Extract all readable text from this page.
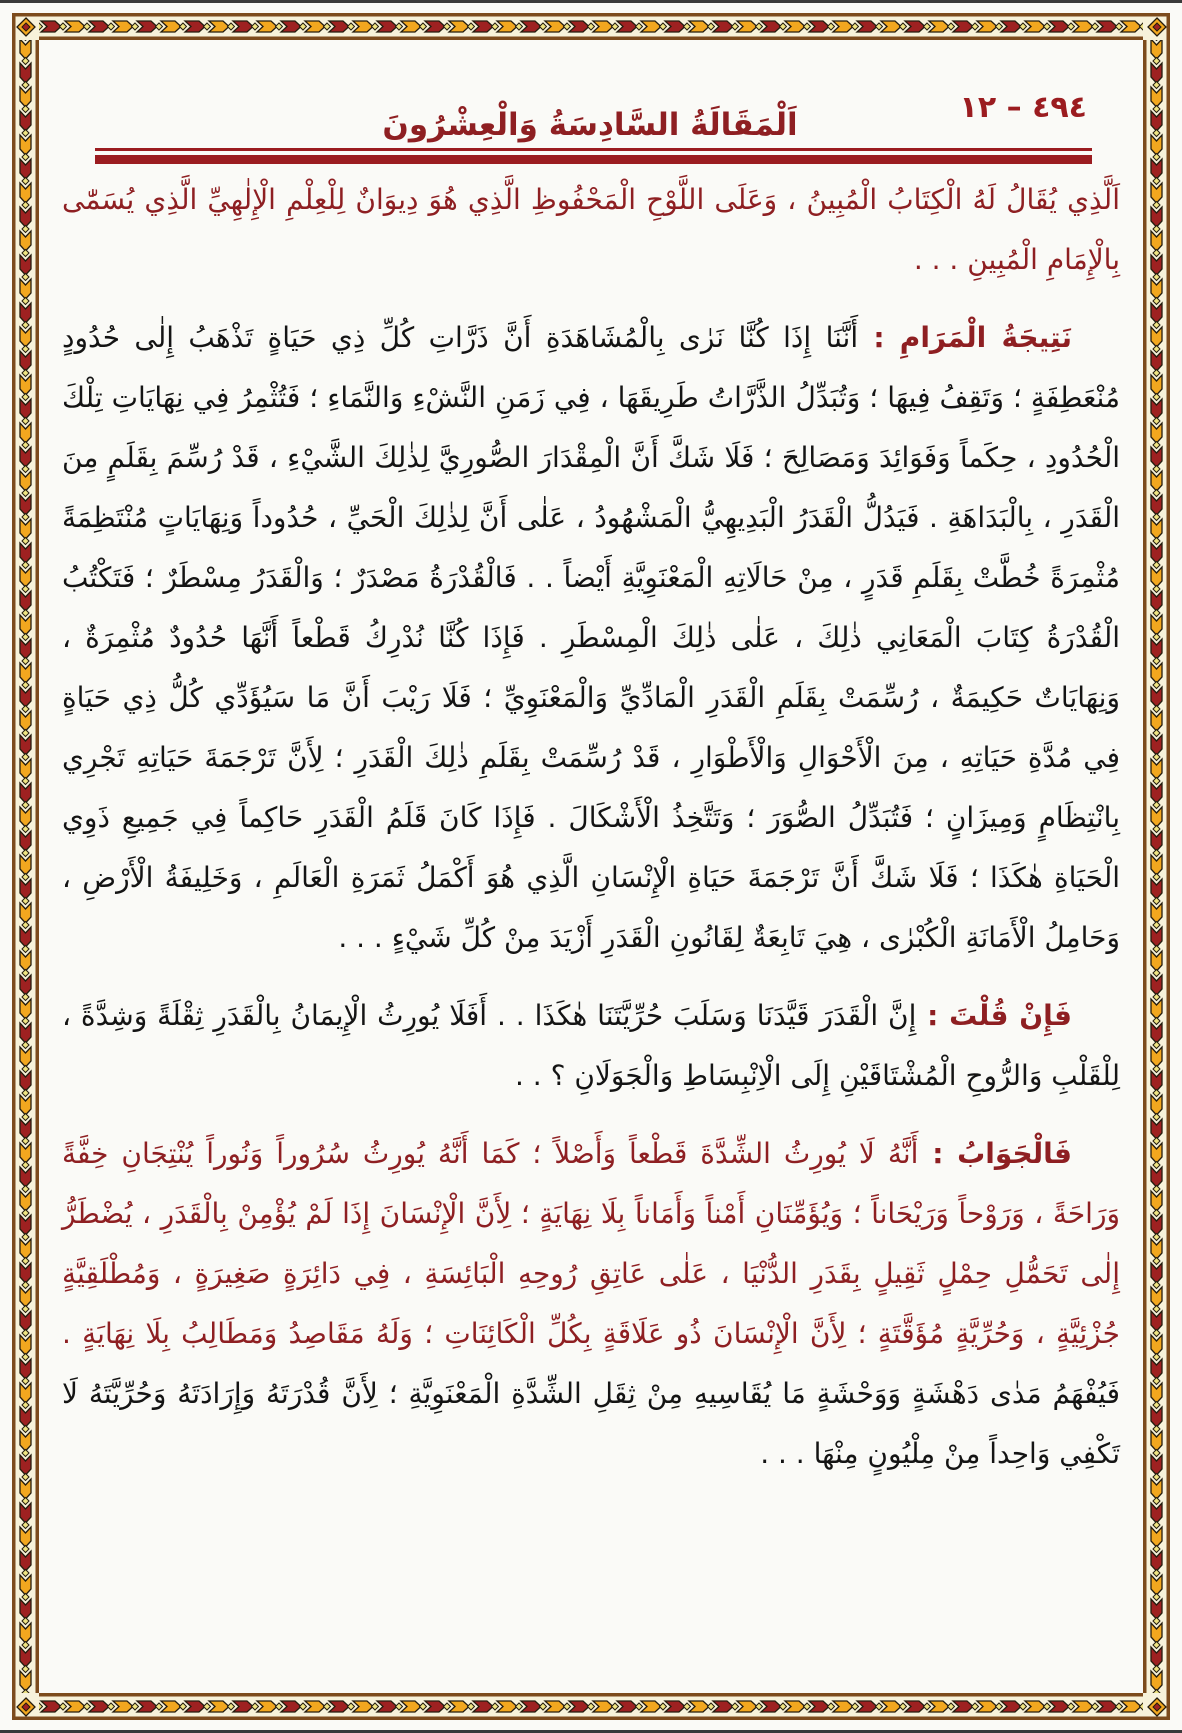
٤٩٤ – ١٢
اَلْمَقَالَةُ السَّادِسَةُ وَالْعِشْرُونَ

اَلَّذِي يُقَالُ لَهُ الْكِتَابُ الْمُبِينُ ، وَعَلَى اللَّوْحِ الْمَحْفُوظِ الَّذِي هُوَ دِيوَانٌ لِلْعِلْمِ الْإِلٰهِيِّ الَّذِي يُسَمّٰى بِالْإِمَامِ الْمُبِينِ . . .

نَتِيجَةُ الْمَرَامِ : أَنَّنَا إِذَا كُنَّا نَرٰى بِالْمُشَاهَدَةِ أَنَّ ذَرَّاتِ كُلِّ ذِي حَيَاةٍ تَذْهَبُ إِلٰى حُدُودٍ مُنْعَطِفَةٍ ؛ وَتَقِفُ فِيهَا ؛ وَتُبَدِّلُ الذَّرَّاتُ طَرِيقَهَا ، فِي زَمَنِ النَّشْءِ وَالنَّمَاءِ ؛ فَتُثْمِرُ فِي نِهَايَاتِ تِلْكَ الْحُدُودِ ، حِكَماً وَفَوَائِدَ وَمَصَالِحَ ؛ فَلَا شَكَّ أَنَّ الْمِقْدَارَ الصُّورِيَّ لِذٰلِكَ الشَّيْءِ ، قَدْ رُسِّمَ بِقَلَمٍ مِنَ الْقَدَرِ ، بِالْبَدَاهَةِ . فَيَدُلُّ الْقَدَرُ الْبَدِيهِيُّ الْمَشْهُودُ ، عَلٰى أَنَّ لِذٰلِكَ الْحَيِّ ، حُدُوداً وَنِهَايَاتٍ مُنْتَظِمَةً مُثْمِرَةً خُطَّتْ بِقَلَمِ قَدَرٍ ، مِنْ حَالَاتِهِ الْمَعْنَوِيَّةِ أَيْضاً . . فَالْقُدْرَةُ مَصْدَرٌ ؛ وَالْقَدَرُ مِسْطَرٌ ؛ فَتَكْتُبُ الْقُدْرَةُ كِتَابَ الْمَعَانِي ذٰلِكَ ، عَلٰى ذٰلِكَ الْمِسْطَرِ . فَإِذَا كُنَّا نُدْرِكُ قَطْعاً أَنَّهَا حُدُودٌ مُثْمِرَةٌ ، وَنِهَايَاتٌ حَكِيمَةٌ ، رُسِّمَتْ بِقَلَمِ الْقَدَرِ الْمَادِّيِّ وَالْمَعْنَوِيِّ ؛ فَلَا رَيْبَ أَنَّ مَا سَيُؤَدِّي كُلُّ ذِي حَيَاةٍ فِي مُدَّةِ حَيَاتِهِ ، مِنَ الْأَحْوَالِ وَالْأَطْوَارِ ، قَدْ رُسِّمَتْ بِقَلَمِ ذٰلِكَ الْقَدَرِ ؛ لِأَنَّ تَرْجَمَةَ حَيَاتِهِ تَجْرِي بِانْتِظَامٍ وَمِيزَانٍ ؛ فَتُبَدِّلُ الصُّوَرَ ؛ وَتَتَّخِذُ الْأَشْكَالَ . فَإِذَا كَانَ قَلَمُ الْقَدَرِ حَاكِماً فِي جَمِيعِ ذَوِي الْحَيَاةِ هٰكَذَا ؛ فَلَا شَكَّ أَنَّ تَرْجَمَةَ حَيَاةِ الْإِنْسَانِ الَّذِي هُوَ أَكْمَلُ ثَمَرَةِ الْعَالَمِ ، وَخَلِيفَةُ الْأَرْضِ ، وَحَامِلُ الْأَمَانَةِ الْكُبْرٰى ، هِيَ تَابِعَةٌ لِقَانُونِ الْقَدَرِ أَزْيَدَ مِنْ كُلِّ شَيْءٍ . . .

فَإِنْ قُلْتَ : إِنَّ الْقَدَرَ قَيَّدَنَا وَسَلَبَ حُرِّيَّتَنَا هٰكَذَا . . أَفَلَا يُورِثُ الْإِيمَانُ بِالْقَدَرِ ثِقْلَةً وَشِدَّةً ، لِلْقَلْبِ وَالرُّوحِ الْمُشْتَاقَيْنِ إِلَى الْاِنْبِسَاطِ وَالْجَوَلَانِ ؟ . .

فَالْجَوَابُ : أَنَّهُ لَا يُورِثُ الشِّدَّةَ قَطْعاً وَأَصْلاً ؛ كَمَا أَنَّهُ يُورِثُ سُرُوراً وَنُوراً يُنْتِجَانِ خِفَّةً وَرَاحَةً ، وَرَوْحاً وَرَيْحَاناً ؛ وَيُؤَمِّنَانِ أَمْناً وَأَمَاناً بِلَا نِهَايَةٍ ؛ لِأَنَّ الْإِنْسَانَ إِذَا لَمْ يُؤْمِنْ بِالْقَدَرِ ، يُضْطَرُّ إِلٰى تَحَمُّلِ حِمْلٍ ثَقِيلٍ بِقَدَرِ الدُّنْيَا ، عَلٰى عَاتِقِ رُوحِهِ الْبَائِسَةِ ، فِي دَائِرَةٍ صَغِيرَةٍ ، وَمُطْلَقِيَّةٍ جُزْئِيَّةٍ ، وَحُرِّيَّةٍ مُؤَقَّتَةٍ ؛ لِأَنَّ الْإِنْسَانَ ذُو عَلَاقَةٍ بِكُلِّ الْكَائِنَاتِ ؛ وَلَهُ مَقَاصِدُ وَمَطَالِبُ بِلَا نِهَايَةٍ . فَيُفْهَمُ مَدٰى دَهْشَةٍ وَوَحْشَةٍ مَا يُقَاسِيهِ مِنْ ثِقَلِ الشِّدَّةِ الْمَعْنَوِيَّةِ ؛ لِأَنَّ قُدْرَتَهُ وَإِرَادَتَهُ وَحُرِّيَّتَهُ لَا تَكْفِي وَاحِداً مِنْ مِلْيُونٍ مِنْهَا . . .
